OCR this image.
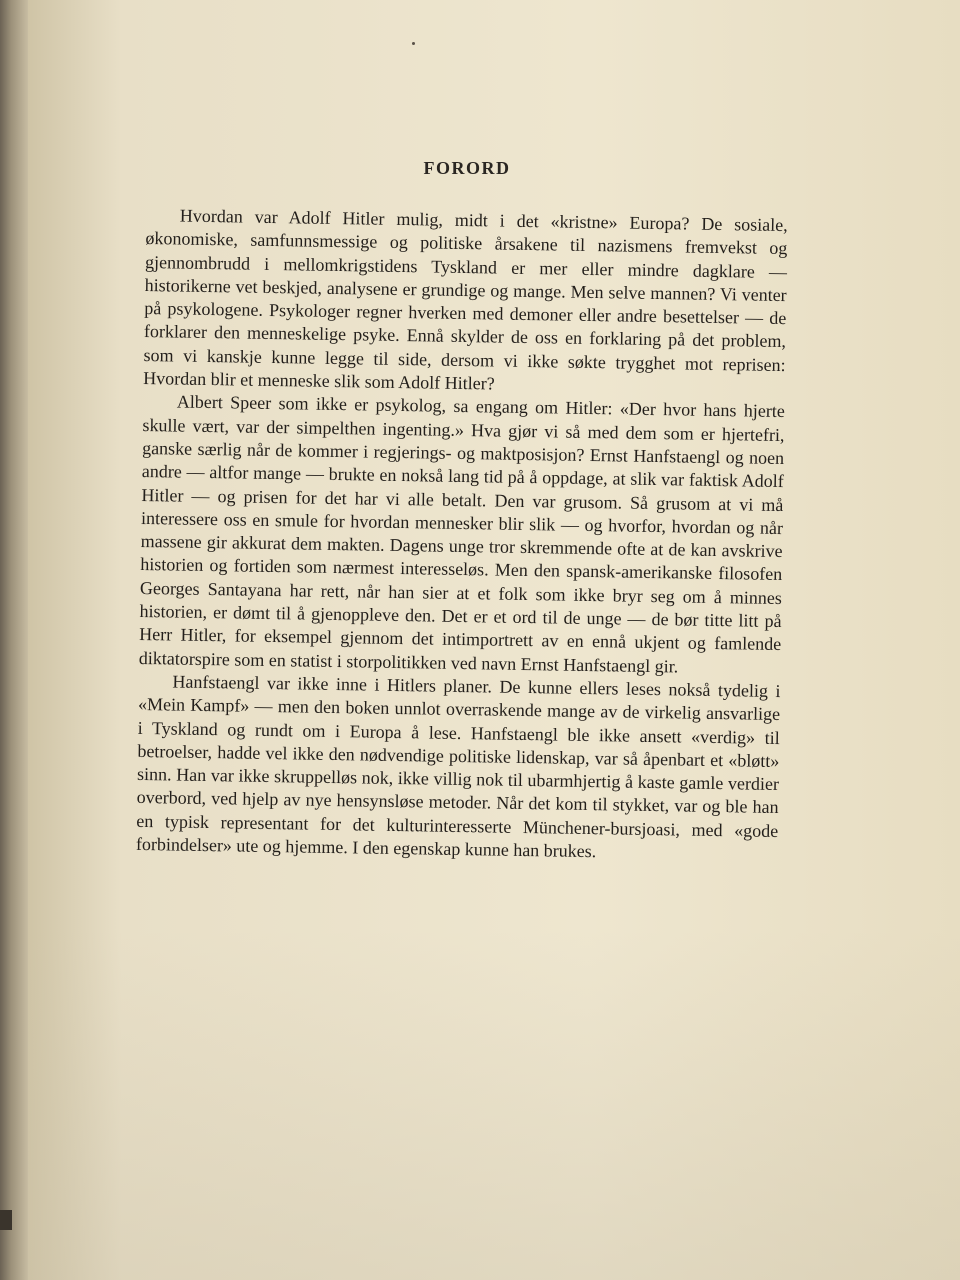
FORORD

Hvordan var Adolf Hitler mulig, midt i det «kristne» Europa? De sosiale, økonomiske, samfunnsmessige og politiske årsakene til nazismens fremvekst og gjennombrudd i mellomkrigstidens Tyskland er mer eller mindre dagklare — historikerne vet beskjed, analysene er grundige og mange. Men selve mannen? Vi venter på psykologene. Psykologer regner hverken med demoner eller andre besettelser — de forklarer den menneskelige psyke. Ennå skylder de oss en forklaring på det problem, som vi kanskje kunne legge til side, dersom vi ikke søkte trygghet mot reprisen: Hvordan blir et menneske slik som Adolf Hitler?

Albert Speer som ikke er psykolog, sa engang om Hitler: «Der hvor hans hjerte skulle vært, var der simpelthen ingenting.» Hva gjør vi så med dem som er hjertefri, ganske særlig når de kommer i regjerings- og maktposisjon? Ernst Hanfstaengl og noen andre — altfor mange — brukte en nokså lang tid på å oppdage, at slik var faktisk Adolf Hitler — og prisen for det har vi alle betalt. Den var grusom. Så grusom at vi må interessere oss en smule for hvordan mennesker blir slik — og hvorfor, hvordan og når massene gir akkurat dem makten. Dagens unge tror skremmende ofte at de kan avskrive historien og fortiden som nærmest interesseløs. Men den spansk-amerikanske filosofen Georges Santayana har rett, når han sier at et folk som ikke bryr seg om å minnes historien, er dømt til å gjenoppleve den. Det er et ord til de unge — de bør titte litt på Herr Hitler, for eksempel gjennom det intimportrett av en ennå ukjent og famlende diktatorspire som en statist i storpolitikken ved navn Ernst Hanfstaengl gir.

Hanfstaengl var ikke inne i Hitlers planer. De kunne ellers leses nokså tydelig i «Mein Kampf» — men den boken unnlot overraskende mange av de virkelig ansvarlige i Tyskland og rundt om i Europa å lese. Hanfstaengl ble ikke ansett «verdig» til betroelser, hadde vel ikke den nødvendige politiske lidenskap, var så åpenbart et «bløtt» sinn. Han var ikke skruppelløs nok, ikke villig nok til ubarmhjertig å kaste gamle verdier overbord, ved hjelp av nye hensynsløse metoder. Når det kom til stykket, var og ble han en typisk representant for det kulturinteresserte Münchener-bursjoasi, med «gode forbindelser» ute og hjemme. I den egenskap kunne han brukes.
